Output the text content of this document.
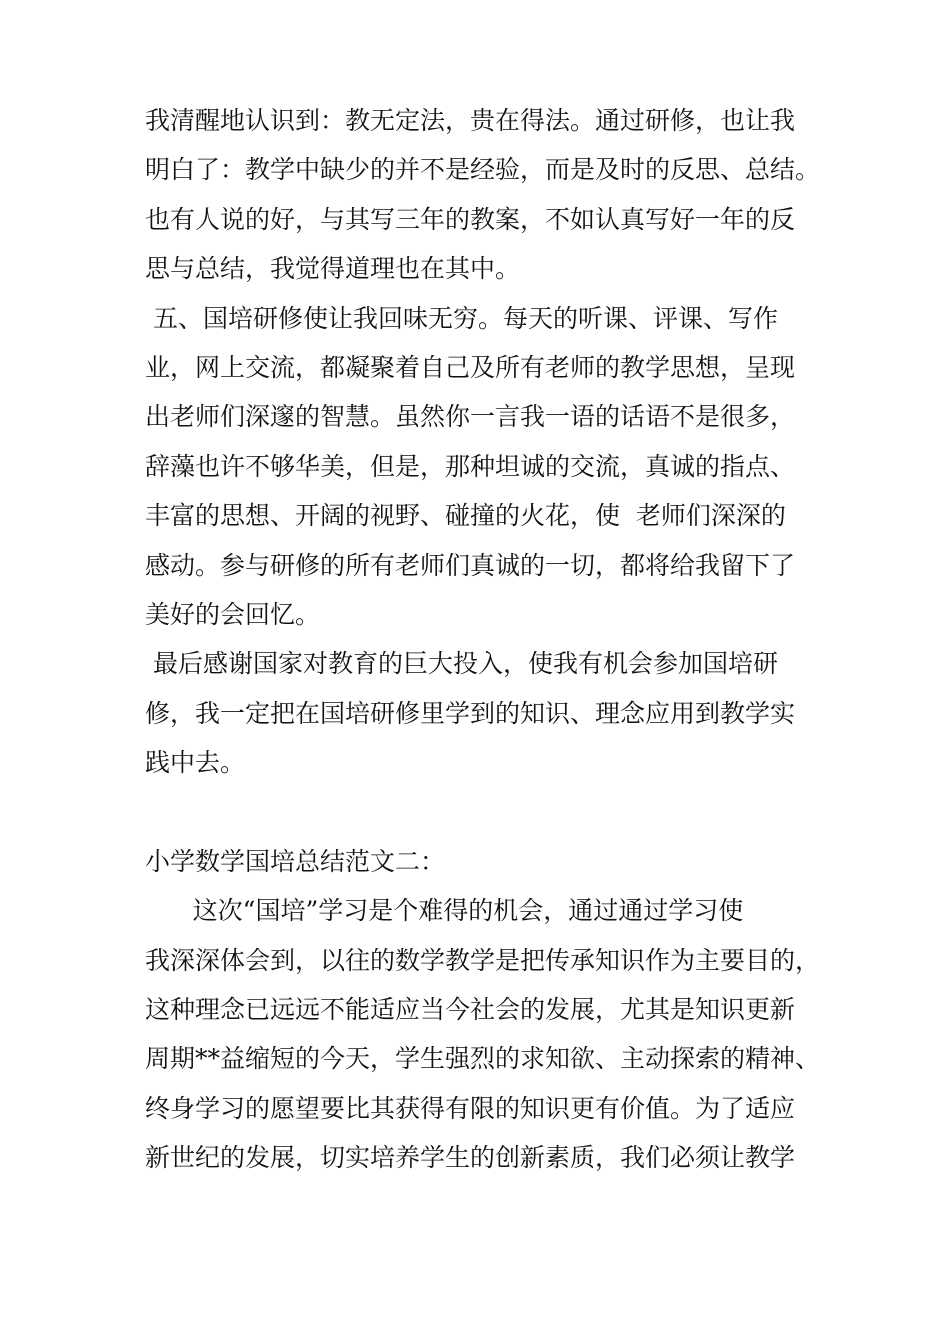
我清醒地认识到：教无定法，贵在得法。通过研修，也让我
明白了：教学中缺少的并不是经验，而是及时的反思、总结。
也有人说的好，与其写三年的教案，不如认真写好一年的反
思与总结，我觉得道理也在其中。
五、国培研修使让我回味无穷。每天的听课、评课、写作
业，网上交流，都凝聚着自己及所有老师的教学思想，呈现
出老师们深邃的智慧。虽然你一言我一语的话语不是很多，
辞藻也许不够华美，但是，那种坦诚的交流，真诚的指点、
丰富的思想、开阔的视野、碰撞的火花，使  老师们深深的
感动。参与研修的所有老师们真诚的一切，都将给我留下了
美好的会回忆。
最后感谢国家对教育的巨大投入，使我有机会参加国培研
修，我一定把在国培研修里学到的知识、理念应用到教学实
践中去。
小学数学国培总结范文二：
这次“国培”学习是个难得的机会，通过通过学习使
我深深体会到，以往的数学教学是把传承知识作为主要目的，
这种理念已远远不能适应当今社会的发展，尤其是知识更新
周期**益缩短的今天，学生强烈的求知欲、主动探索的精神、
终身学习的愿望要比其获得有限的知识更有价值。为了适应
新世纪的发展，切实培养学生的创新素质，我们必须让教学
